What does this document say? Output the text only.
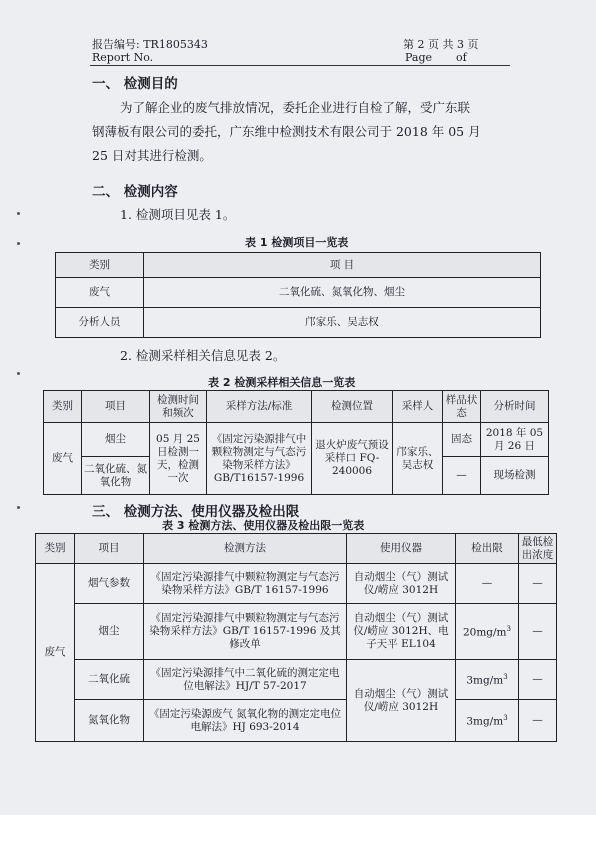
报告编号: TR1805343
Report No.
第 2 页 共 3 页
Page of
一、 检测目的
为了解企业的废气排放情况，委托企业进行自检了解，受广东联
钢薄板有限公司的委托，广东维中检测技术有限公司于 2018 年 05 月
25 日对其进行检测。
二、 检测内容
1. 检测项目见表 1。
表 1 检测项目一览表
类别	项 目
废气	二氧化硫、氮氧化物、烟尘
分析人员	邝家乐、吴志权
2. 检测采样相关信息见表 2。
表 2 检测采样相关信息一览表
类别	项目	检测时间和频次	采样方法/标准	检测位置	采样人	样品状态	分析时间
废气	烟尘	05 月 25 日检测一天，检测一次	《固定污染源排气中颗粒物测定与气态污染物采样方法》GB/T16157-1996	退火炉废气预设采样口 FQ-240006	邝家乐、吴志权	固态	2018 年 05 月 26 日
	二氧化硫、氮氧化物					—	现场检测
三、 检测方法、使用仪器及检出限
表 3 检测方法、使用仪器及检出限一览表
类别	项目	检测方法	使用仪器	检出限	最低检出浓度
废气	烟气参数	《固定污染源排气中颗粒物测定与气态污染物采样方法》GB/T 16157-1996	自动烟尘（气）测试仪/崂应 3012H	—	—
	烟尘	《固定污染源排气中颗粒物测定与气态污染物采样方法》GB/T 16157-1996 及其修改单	自动烟尘（气）测试仪/崂应 3012H、电子天平 EL104	$20mg/m^3$	—
	二氧化硫	《固定污染源排气中二氧化硫的测定定电位电解法》HJ/T 57-2017	自动烟尘（气）测试仪/崂应 3012H	$3mg/m^3$	—
	氮氧化物	《固定污染源废气 氮氧化物的测定定电位电解法》HJ 693-2014		$3mg/m^3$	—
